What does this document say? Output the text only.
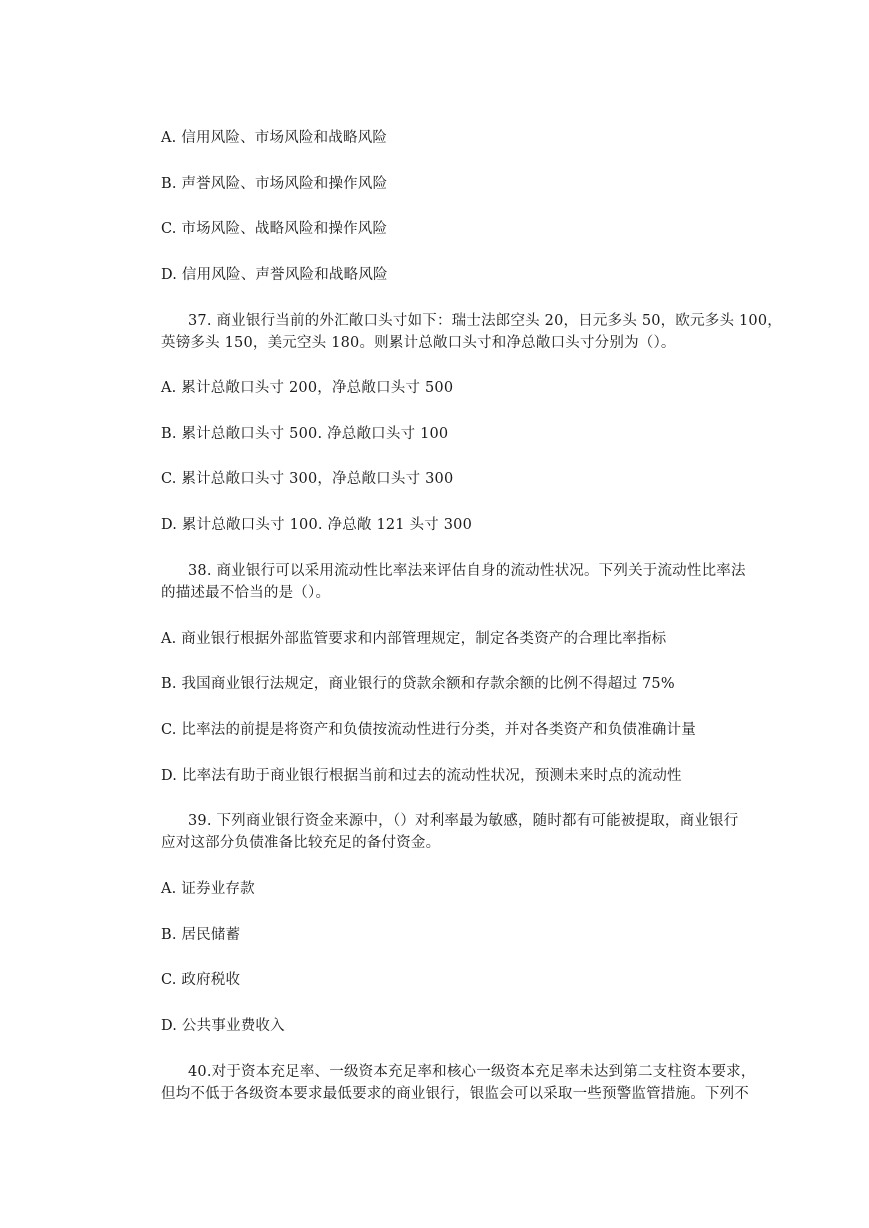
A. 信用风险、市场风险和战略风险
B. 声誉风险、市场风险和操作风险
C. 市场风险、战略风险和操作风险
D. 信用风险、声誉风险和战略风险
37. 商业银行当前的外汇敞口头寸如下：瑞士法郎空头 20，日元多头 50，欧元多头 100，
英镑多头 150，美元空头 180。则累计总敞口头寸和净总敞口头寸分别为（）。
A. 累计总敞口头寸 200，净总敞口头寸 500
B. 累计总敞口头寸 500. 净总敞口头寸 100
C. 累计总敞口头寸 300，净总敞口头寸 300
D. 累计总敞口头寸 100. 净总敞 121 头寸 300
38. 商业银行可以采用流动性比率法来评估自身的流动性状况。下列关于流动性比率法
的描述最不恰当的是（）。
A. 商业银行根据外部监管要求和内部管理规定，制定各类资产的合理比率指标
B. 我国商业银行法规定，商业银行的贷款余额和存款余额的比例不得超过 75%
C. 比率法的前提是将资产和负债按流动性进行分类，并对各类资产和负债准确计量
D. 比率法有助于商业银行根据当前和过去的流动性状况，预测未来时点的流动性
39. 下列商业银行资金来源中，（）对利率最为敏感，随时都有可能被提取，商业银行
应对这部分负债准备比较充足的备付资金。
A. 证券业存款
B. 居民储蓄
C. 政府税收
D. 公共事业费收入
40.对于资本充足率、一级资本充足率和核心一级资本充足率未达到第二支柱资本要求，
但均不低于各级资本要求最低要求的商业银行，银监会可以采取一些预警监管措施。下列不
